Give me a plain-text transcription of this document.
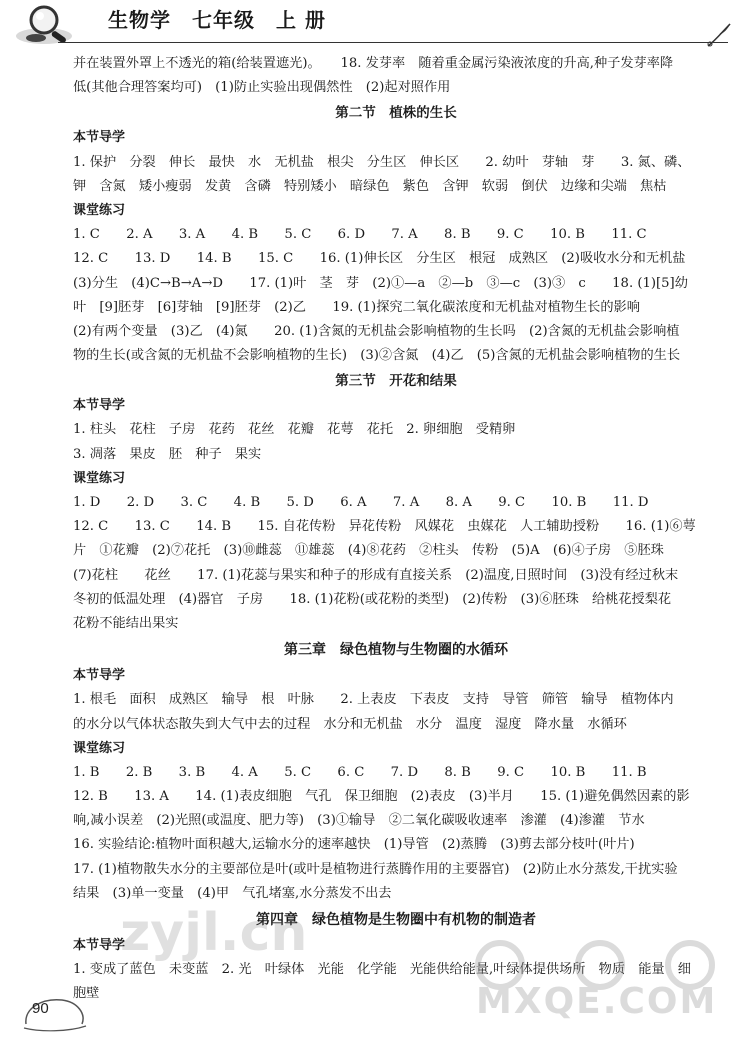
生物学　七年级　上 册
并在装置外罩上不透光的箱(给装置遮光)。　　18. 发芽率　随着重金属污染液浓度的升高,种子发芽率降
低(其他合理答案均可)　(1)防止实验出现偶然性　(2)起对照作用
第二节　植株的生长
本节导学
1. 保护　分裂　伸长　最快　水　无机盐　根尖　分生区　伸长区　　2. 幼叶　芽轴　芽　　3. 氮、磷、
钾　含氮　矮小瘦弱　发黄　含磷　特别矮小　暗绿色　紫色　含钾　软弱　倒伏　边缘和尖端　焦枯
课堂练习
1. C　　2. A　　3. A　　4. B　　5. C　　6. D　　7. A　　8. B　　9. C　　10. B　　11. C
12. C　　13. D　　14. B　　15. C　　16. (1)伸长区　分生区　根冠　成熟区　(2)吸收水分和无机盐
(3)分生　(4)C→B→A→D　　17. (1)叶　茎　芽　(2)①—a　②—b　③—c　(3)③　c　　18. (1)[5]幼
叶　[9]胚芽　[6]芽轴　[9]胚芽　(2)乙　　19. (1)探究二氧化碳浓度和无机盐对植物生长的影响
(2)有两个变量　(3)乙　(4)氮　　20. (1)含氮的无机盐会影响植物的生长吗　(2)含氮的无机盐会影响植
物的生长(或含氮的无机盐不会影响植物的生长)　(3)②含氮　(4)乙　(5)含氮的无机盐会影响植物的生长
第三节　开花和结果
本节导学
1. 柱头　花柱　子房　花药　花丝　花瓣　花萼　花托　2. 卵细胞　受精卵
3. 凋落　果皮　胚　种子　果实
课堂练习
1. D　　2. D　　3. C　　4. B　　5. D　　6. A　　7. A　　8. A　　9. C　　10. B　　11. D
12. C　　13. C　　14. B　　15. 自花传粉　异花传粉　风媒花　虫媒花　人工辅助授粉　　16. (1)⑥萼
片　①花瓣　(2)⑦花托　(3)⑩雌蕊　⑪雄蕊　(4)⑧花药　②柱头　传粉　(5)A　(6)④子房　⑤胚珠
(7)花柱　　花丝　　17. (1)花蕊与果实和种子的形成有直接关系　(2)温度,日照时间　(3)没有经过秋末
冬初的低温处理　(4)器官　子房　　18. (1)花粉(或花粉的类型)　(2)传粉　(3)⑥胚珠　给桃花授梨花
花粉不能结出果实
第三章　绿色植物与生物圈的水循环
本节导学
1. 根毛　面积　成熟区　输导　根　叶脉　　2. 上表皮　下表皮　支持　导管　筛管　输导　植物体内
的水分以气体状态散失到大气中去的过程　水分和无机盐　水分　温度　湿度　降水量　水循环
课堂练习
1. B　　2. B　　3. B　　4. A　　5. C　　6. C　　7. D　　8. B　　9. C　　10. B　　11. B
12. B　　13. A　　14. (1)表皮细胞　气孔　保卫细胞　(2)表皮　(3)半月　　15. (1)避免偶然因素的影
响,减小误差　(2)光照(或温度、肥力等)　(3)①输导　②二氧化碳吸收速率　渗灌　(4)渗灌　节水
16. 实验结论:植物叶面积越大,运输水分的速率越快　(1)导管　(2)蒸腾　(3)剪去部分枝叶(叶片)
17. (1)植物散失水分的主要部位是叶(或叶是植物进行蒸腾作用的主要器官)　(2)防止水分蒸发,干扰实验
结果　(3)单一变量　(4)甲　气孔堵塞,水分蒸发不出去
第四章　绿色植物是生物圈中有机物的制造者
本节导学
1. 变成了蓝色　未变蓝　2. 光　叶绿体　光能　化学能　光能供给能量,叶绿体提供场所　物质　能量　细
胞壁
zyjl.cn
MXQE.COM
90
